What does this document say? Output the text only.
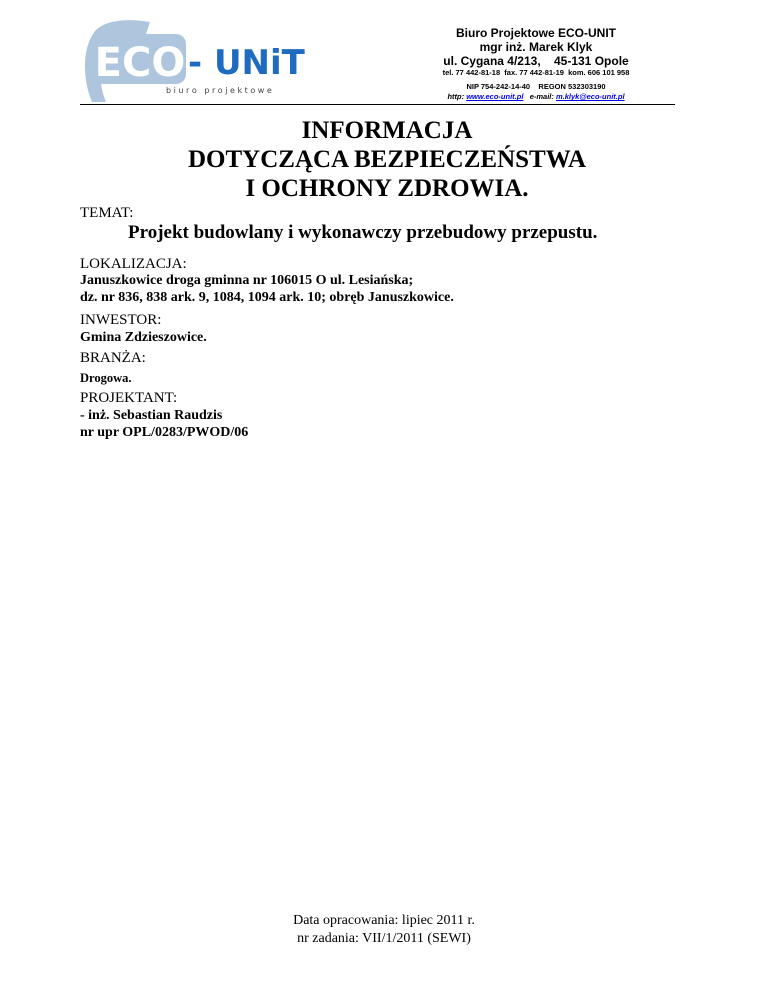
ECO - UNiT
b i u r o   p r o j e k t o w e
Biuro Projektowe ECO-UNIT
mgr inż. Marek Klyk
ul. Cygana 4/213,    45-131 Opole
tel. 77 442-81-18  fax. 77 442-81-19  kom. 606 101 958
NIP 754-242-14-40    REGON 532303190
http: www.eco-unit.pl e-mail: m.klyk@eco-unit.pl
INFORMACJA
DOTYCZĄCA BEZPIECZEŃSTWA
I OCHRONY ZDROWIA.
TEMAT:
Projekt budowlany i wykonawczy przebudowy przepustu.
LOKALIZACJA:
Januszkowice droga gminna nr 106015 O ul. Lesiańska;
dz. nr 836, 838 ark. 9, 1084, 1094 ark. 10; obręb Januszkowice.
INWESTOR:
Gmina Zdzieszowice.
BRANŻA:
Drogowa.
PROJEKTANT:
- inż. Sebastian Raudzis
nr upr OPL/0283/PWOD/06
Data opracowania: lipiec 2011 r.
nr zadania: VII/1/2011 (SEWI)
